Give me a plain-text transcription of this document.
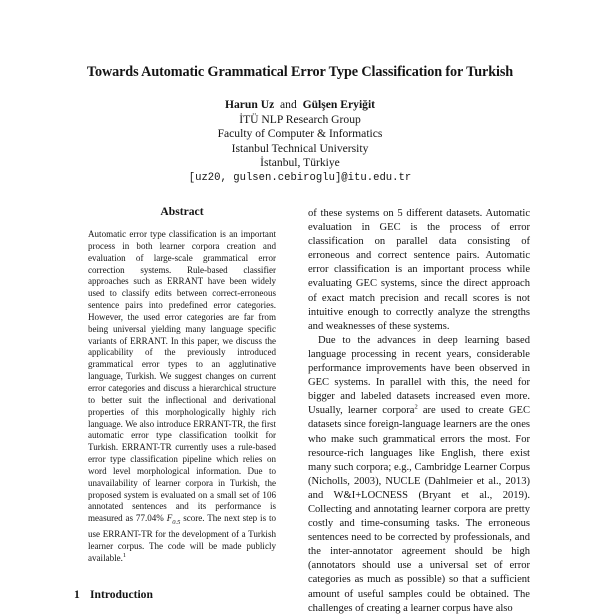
Towards Automatic Grammatical Error Type Classification for Turkish
Harun Uz and Gülşen Eryiğit
İTÜ NLP Research Group
Faculty of Computer & Informatics
Istanbul Technical University
İstanbul, Türkiye
[uz20, gulsen.cebiroglu]@itu.edu.tr
Abstract
Automatic error type classification is an important process in both learner corpora creation and evaluation of large-scale grammatical error correction systems. Rule-based classifier approaches such as ERRANT have been widely used to classify edits between correct-erroneous sentence pairs into predefined error categories. However, the used error categories are far from being universal yielding many language specific variants of ERRANT. In this paper, we discuss the applicability of the previously introduced grammatical error types to an agglutinative language, Turkish. We suggest changes on current error categories and discuss a hierarchical structure to better suit the inflectional and derivational properties of this morphologically highly rich language. We also introduce ERRANT-TR, the first automatic error type classification toolkit for Turkish. ERRANT-TR currently uses a rule-based error type classification pipeline which relies on word level morphological information. Due to unavailability of learner corpora in Turkish, the proposed system is evaluated on a small set of 106 annotated sentences and its performance is measured as 77.04% $F_{0.5}$ score. The next step is to use ERRANT-TR for the development of a Turkish learner corpus. The code will be made publicly available.$^1$

of these systems on 5 different datasets. Automatic evaluation in GEC is the process of error classification on parallel data consisting of erroneous and correct sentence pairs. Automatic error classification is an important process while evaluating GEC systems, since the direct approach of exact match precision and recall scores is not intuitive enough to correctly analyze the strengths and weaknesses of these systems.

Due to the advances in deep learning based language processing in recent years, considerable performance improvements have been observed in GEC systems. In parallel with this, the need for bigger and labeled datasets increased even more. Usually, learner corpora$^2$ are used to create GEC datasets since foreign-language learners are the ones who make such grammatical errors the most. For resource-rich languages like English, there exist many such corpora; e.g., Cambridge Learner Corpus (Nicholls, 2003), NUCLE (Dahlmeier et al., 2013) and W&I+LOCNESS (Bryant et al., 2019). Collecting and annotating learner corpora are pretty costly and time-consuming tasks. The erroneous sentences need to be corrected by professionals, and the inter-annotator agreement should be high (annotators should use a universal set of error categories as much as possible) so that a sufficient amount of useful samples could be obtained. The challenges of creating a learner corpus have also

1 Introduction
